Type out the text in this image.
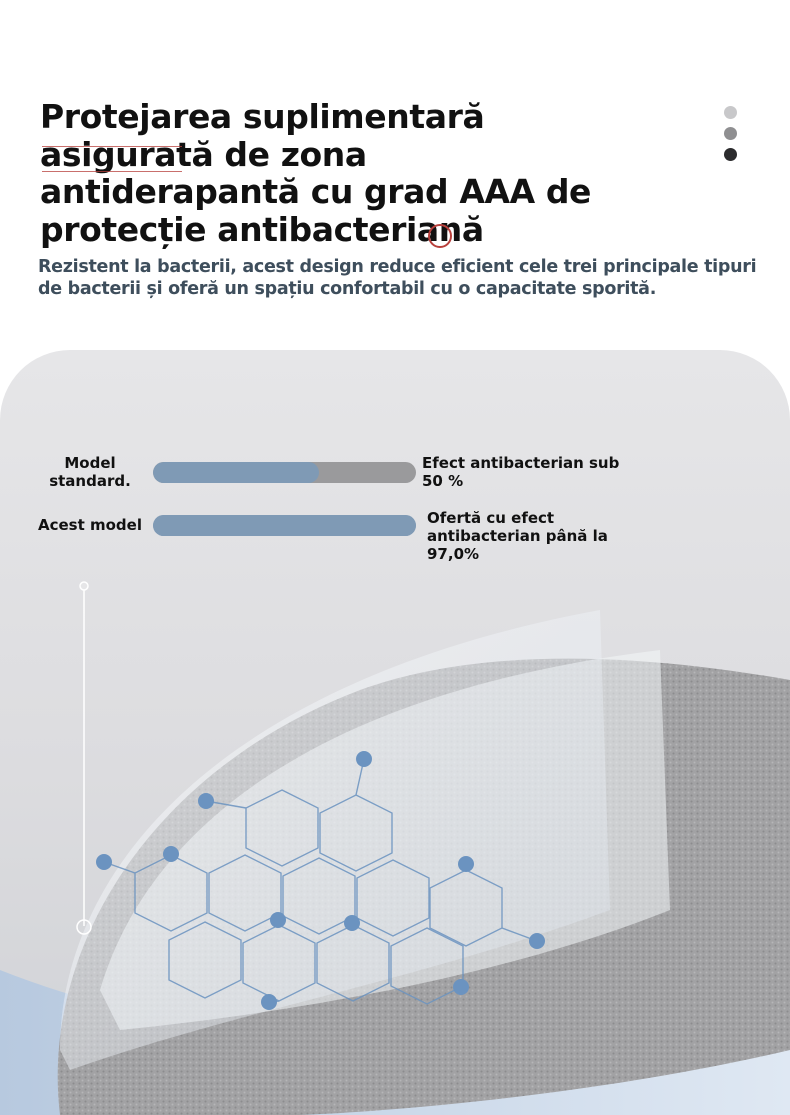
Protejarea suplimentară asigurată de zona antiderapantă cu grad AAA de protecție antibacteriană

Rezistent la bacterii, acest design reduce eficient cele trei principale tipuri de bacterii și oferă un spațiu confortabil cu o capacitate sporită.

Model standard.
Efect antibacterian sub 50 %
Acest model	Ofertă cu efect antibacterian până la 97,0%
